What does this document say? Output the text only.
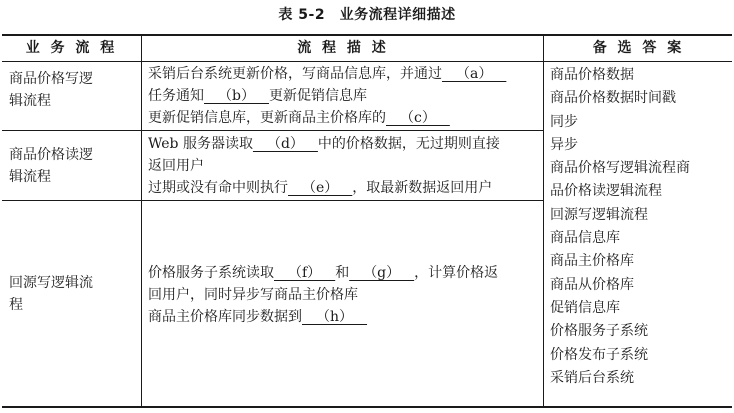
表 5-2　业务流程详细描述
业 务 流 程	流 程 描 述	备 选 答 案
商品价格写逻
辑流程
采销后台系统更新价格，写商品信息库，并通过 （a） 
任务通知 （b） 更新促销信息库
更新促销信息库，更新商品主价格库的 （c） 
商品价格读逻
辑流程
Web 服务器读取 （d） 中的价格数据，无过期则直接
返回用户
过期或没有命中则执行 （e） ，取最新数据返回用户
回源写逻辑流
程
价格服务子系统读取 （f） 和 （g） ，计算价格返
回用户，同时异步写商品主价格库
商品主价格库同步数据到 （h） 
商品价格数据
商品价格数据时间戳
同步
异步
商品价格写逻辑流程商
品价格读逻辑流程
回源写逻辑流程
商品信息库
商品主价格库
商品从价格库
促销信息库
价格服务子系统
价格发布子系统
采销后台系统
